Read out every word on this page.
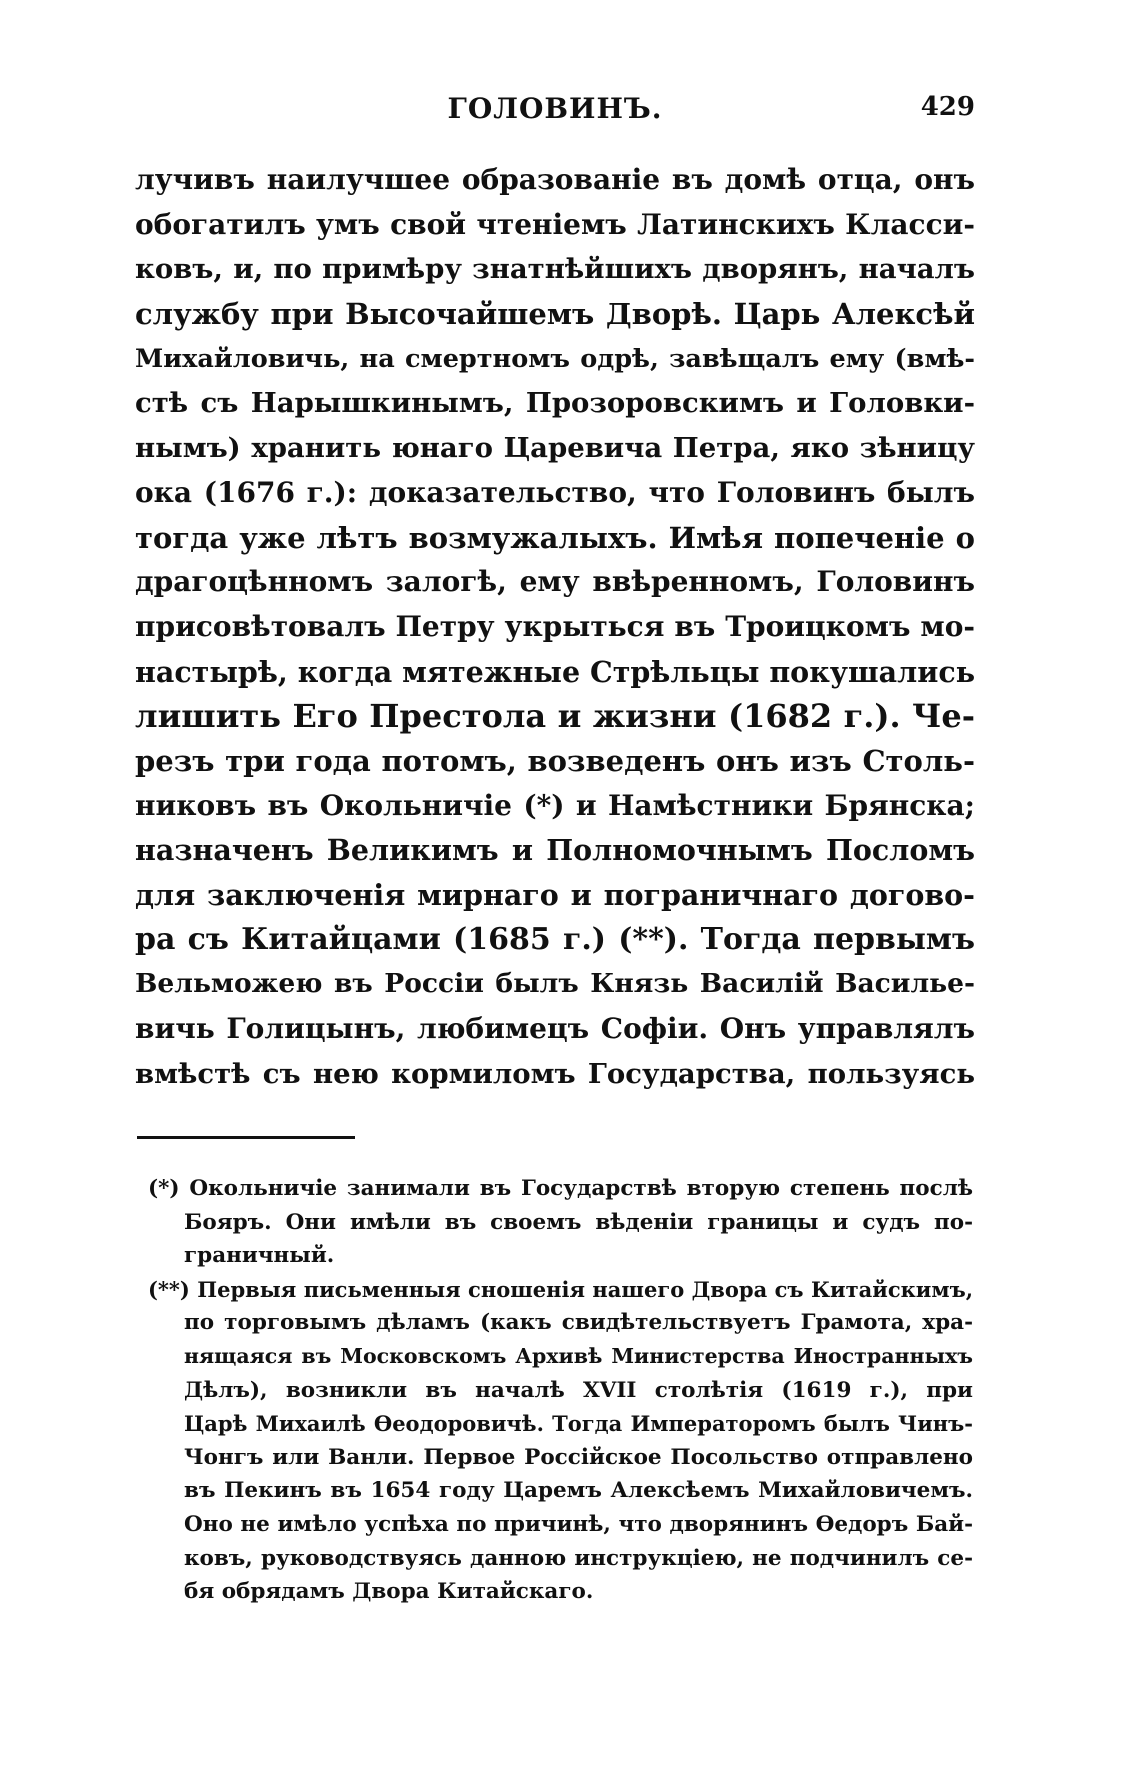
ГОЛОВИНЪ.	429
лучивъ наилучшее образованіе въ домѣ отца, онъ
обогатилъ умъ свой чтеніемъ Латинскихъ Класси-
ковъ, и, по примѣру знатнѣйшихъ дворянъ, началъ
службу при Высочайшемъ Дворѣ. Царь Алексѣй
Михайловичь, на смертномъ одрѣ, завѣщалъ ему (вмѣ-
стѣ съ Нарышкинымъ, Прозоровскимъ и Головки-
нымъ) хранить юнаго Царевича Петра, яко зѣницу
ока (1676 г.): доказательство, что Головинъ былъ
тогда уже лѣтъ возмужалыхъ. Имѣя попеченіе о
драгоцѣнномъ залогѣ, ему ввѣренномъ, Головинъ
присовѣтовалъ Петру укрыться въ Троицкомъ мо-
настырѣ, когда мятежные Стрѣльцы покушались
лишить Его Престола и жизни (1682 г.). Че-
резъ три года потомъ, возведенъ онъ изъ Столь-
никовъ въ Окольничіе (*) и Намѣстники Брянска;
назначенъ Великимъ и Полномочнымъ Посломъ
для заключенія мирнаго и пограничнаго догово-
ра съ Китайцами (1685 г.) (**). Тогда первымъ
Вельможею въ Россіи былъ Князь Василій Василье-
вичь Голицынъ, любимецъ Софіи. Онъ управлялъ
вмѣстѣ съ нею кормиломъ Государства, пользуясь
(*) Окольничіе занимали въ Государствѣ вторую степень послѣ
Бояръ. Они имѣли въ своемъ вѣденіи границы и судъ по-
граничный.
(**) Первыя письменныя сношенія нашего Двора съ Китайскимъ,
по торговымъ дѣламъ (какъ свидѣтельствуетъ Грамота, хра-
нящаяся въ Московскомъ Архивѣ Министерства Иностранныхъ
Дѣлъ), возникли въ началѣ XVII столѣтія (1619 г.), при
Царѣ Михаилѣ Ѳеодоровичѣ. Тогда Императоромъ былъ Чинъ-
Чонгъ или Ванли. Первое Россійское Посольство отправлено
въ Пекинъ въ 1654 году Царемъ Алексѣемъ Михайловичемъ.
Оно не имѣло успѣха по причинѣ, что дворянинъ Ѳедоръ Бай-
ковъ, руководствуясь данною инструкціею, не подчинилъ се-
бя обрядамъ Двора Китайскаго.
